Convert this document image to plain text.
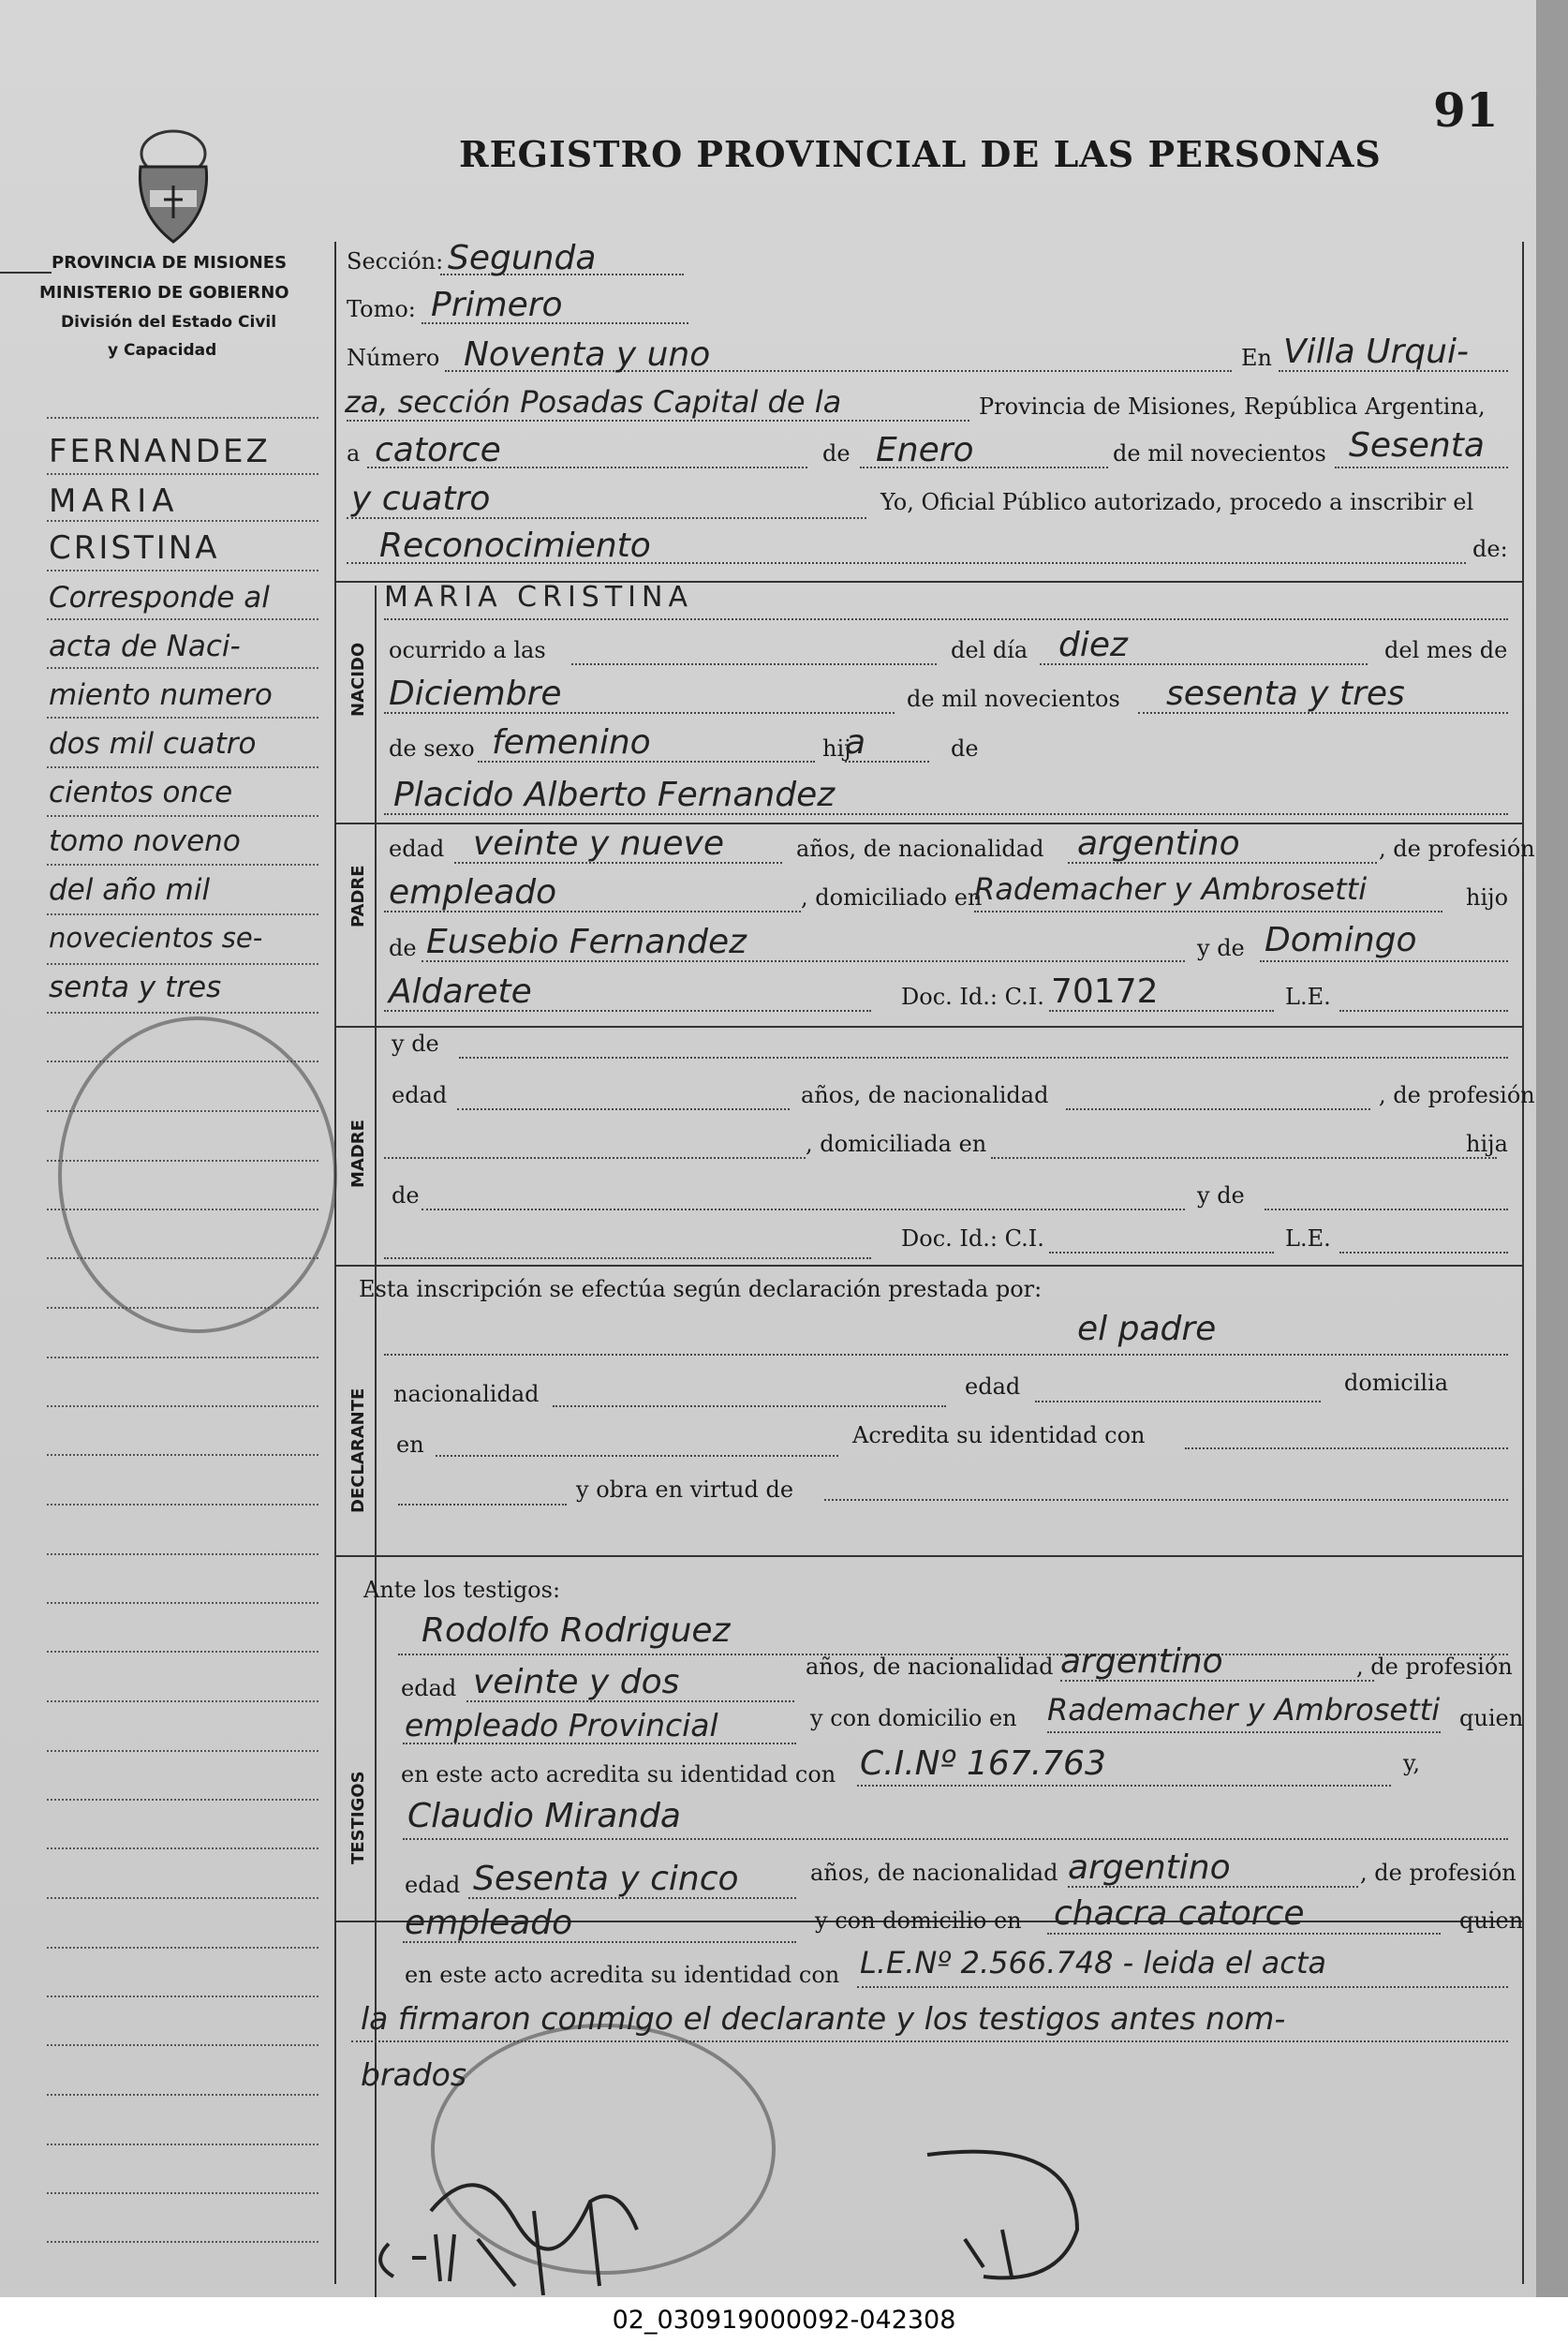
91
REGISTRO PROVINCIAL DE LAS PERSONAS
PROVINCIA DE MISIONES
MINISTERIO DE GOBIERNO
División del Estado Civil
y Capacidad
FERNANDEZ
MARIA
CRISTINA
Corresponde al
acta de Naci-
miento numero
dos mil cuatro
cientos once
tomo noveno
del año mil
novecientos se-
senta y tres
NACIDO
PADRE
MADRE
DECLARANTE
TESTIGOS
Sección: Segunda
Tomo: Primero
Número Noventa y uno	En Villa Urqui-
za, sección Posadas Capital de la	Provincia de Misiones, República Argentina,
a catorce	de Enero	de mil novecientos Sesenta
y cuatro	Yo, Oficial Público autorizado, procedo a inscribir el
Reconocimiento	de:
MARIA CRISTINA
ocurrido a las	del día diez	del mes de
Diciembre	de mil novecientos sesenta y tres
de sexo femenino	hij
a	de
Placido Alberto Fernandez
edad veinte y nueve	años, de nacionalidad argentino	, de profesión
empleado	, domiciliado en
Rademacher y Ambrosetti	hijo
de Eusebio Fernandez	y de Domingo
Aldarete	Doc. Id.: C.I. 70172	L.E.
y de
edad	años, de nacionalidad	, de profesión
, domiciliada en	hija
de	y de
Doc. Id.: C.I.	L.E.
Esta inscripción se efectúa según declaración prestada por:
el padre
nacionalidad	edad	domicilia
en	Acredita su identidad con
y obra en virtud de
Ante los testigos:
Rodolfo Rodriguez
edad veinte y dos	años, de nacionalidad argentino	, de profesión
empleado Provincial	y con domicilio en Rademacher y Ambrosetti quien
en este acto acredita su identidad con C.I.Nº 167.763	y,
Claudio Miranda
edad Sesenta y cinco	años, de nacionalidad argentino	, de profesión
empleado	y con domicilio en chacra catorce	quien
en este acto acredita su identidad con L.E.Nº 2.566.748 - leida el acta
la firmaron conmigo el declarante y los testigos antes nom-
brados
02_030919000092-042308
